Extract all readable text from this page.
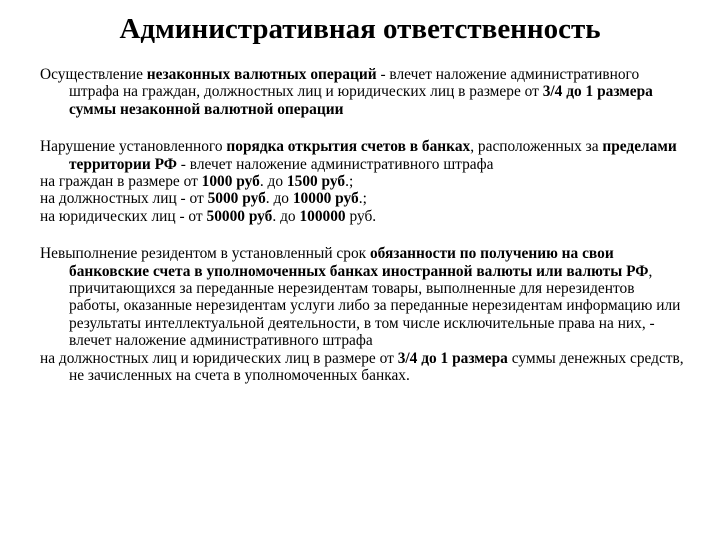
Административная ответственность

Осуществление незаконных валютных операций - влечет наложение административного штрафа на граждан, должностных лиц и юридических лиц в размере от 3/4 до 1 размера суммы незаконной валютной операции

Нарушение установленного порядка открытия счетов в банках, расположенных за пределами территории РФ - влечет наложение административного штрафа

на граждан в размере от 1000 руб. до 1500 руб.;

на должностных лиц - от 5000 руб. до 10000 руб.;

на юридических лиц - от 50000 руб. до 100000 руб.

Невыполнение резидентом в установленный срок обязанности по получению на свои банковские счета в уполномоченных банках иностранной валюты или валюты РФ, причитающихся за переданные нерезидентам товары, выполненные для нерезидентов работы, оказанные нерезидентам услуги либо за переданные нерезидентам информацию или результаты интеллектуальной деятельности, в том числе исключительные права на них, - влечет наложение административного штрафа

на должностных лиц и юридических лиц в размере от 3/4 до 1 размера суммы денежных средств, не зачисленных на счета в уполномоченных банках.
